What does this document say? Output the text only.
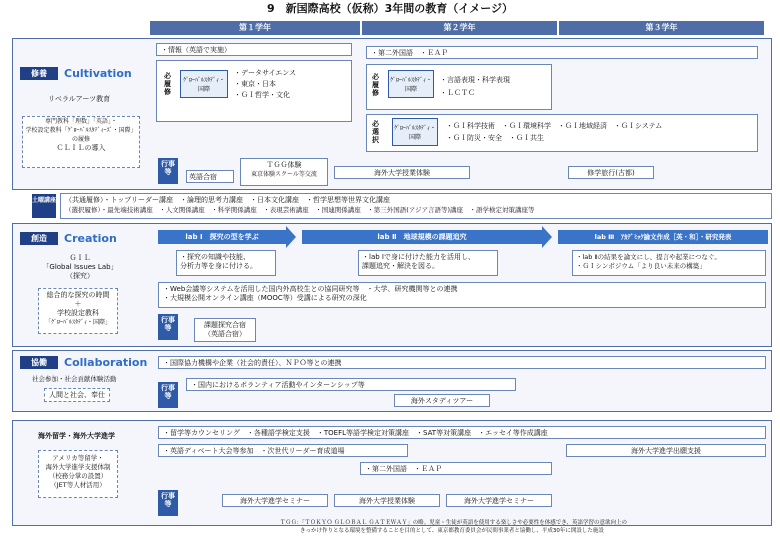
9　新国際高校（仮称）3年間の教育（イメージ）
第１学年	第２学年	第３学年
修養	Cultivation
リベラルアーツ教育
専門教科「理数」「英語」・
学校設定教科「ｸﾞﾛｰﾊﾞﾙｽﾀﾃﾞｨｰｽﾞ・国際」
の履修
ＣＬＩＬの導入
・情報（英語で実施）
必履修
ｸﾞﾛｰﾊﾞﾙｽﾀﾃﾞｨ・国際
・データサイエンス
・東京・日本
・ＧＩ哲学・文化
・第二外国語　・ＥＡＰ
必履修
ｸﾞﾛｰﾊﾞﾙｽﾀﾃﾞｨ・国際
・言語表現・科学表現
・ＬＣＴＣ
必選択
ｸﾞﾛｰﾊﾞﾙｽﾀﾃﾞｨ・国際
・ＧＩ科学技術　・ＧＩ環境科学　・ＧＩ地域経済　・ＧＩシステム
・ＧＩ防災・安全　・ＧＩ共生
行事等
英語合宿
ＴＧＧ体験
東京体験スクール等交流	海外大学授業体験	修学旅行(古都)
土曜講座	（共通履修）・トップリーダー講座　・論理的思考力講座　・日本文化講座　・哲学思想等世界文化講座
（選択履修）・最先端技術講座　・人文関係講座　・科学関係講座　・表現芸術講座　・国連関係講座　・第三外国語(アジア言語等)講座　・語学検定対策講座等
創造	Creation
ＧＩＬ
「Global Issues Lab」
（探究）
総合的な探究の時間
＋
学校設定教科
「ｸﾞﾛｰﾊﾞﾙｽﾀﾃﾞｨ・国際」
lab Ⅰ　探究の型を学ぶ	lab Ⅱ　地球規模の課題追究	lab Ⅲ　ｱｶﾃﾞﾐｯｸ論文作成［英・和］・研究発表
・探究の知識や技能、
分析力等を身に付ける。
・lab Ⅰで身に付けた能力を活用し、
課題追究・解決を図る。
・lab Ⅱの結果を論文にし、提言や起業につなぐ。
・ＧＩシンポジウム「より良い未来の構築」
・Web会議等システムを活用した国内外高校生との協同研究等　・大学、研究機関等との連携
・大規模公開オンライン講座（MOOC等）受講による研究の深化
行事等	課題探究合宿
（英語合宿）
協働	Collaboration
社会参加・社会貢献体験活動
人間と社会、奉仕
・国際協力機構や企業（社会的責任）、ＮＰＯ等との連携
行事等
・国内におけるボランティア活動やインターンシップ等
海外スタディツアー
海外留学・海外大学進学
アメリカ等留学・
海外大学進学支援体制
（校務分掌の設置）
（JET等人材活用）
・留学等カウンセリング　・各種語学検定支援　・TOEFL等語学検定対策講座　・SAT等対策講座　・エッセイ等作成講座
・英語ディベート大会等参加　・次世代リーダー育成道場	海外大学進学出願支援
・第二外国語　・ＥＡＰ
行事等	海外大学進学セミナー	海外大学授業体験	海外大学進学セミナー
ＴＧＧ：「ＴＯＫＹＯ ＧＬＯＢＡＬ ＧＡＴＥＷＡＹ」の略。児童・生徒が英語を使用する楽しさや必要性を体感でき、英語学習の意欲向上の
きっかけ作りとなる環境を整備することを目的として、東京都教育委員会が民間事業者と協働し、平成30年に開設した施設
